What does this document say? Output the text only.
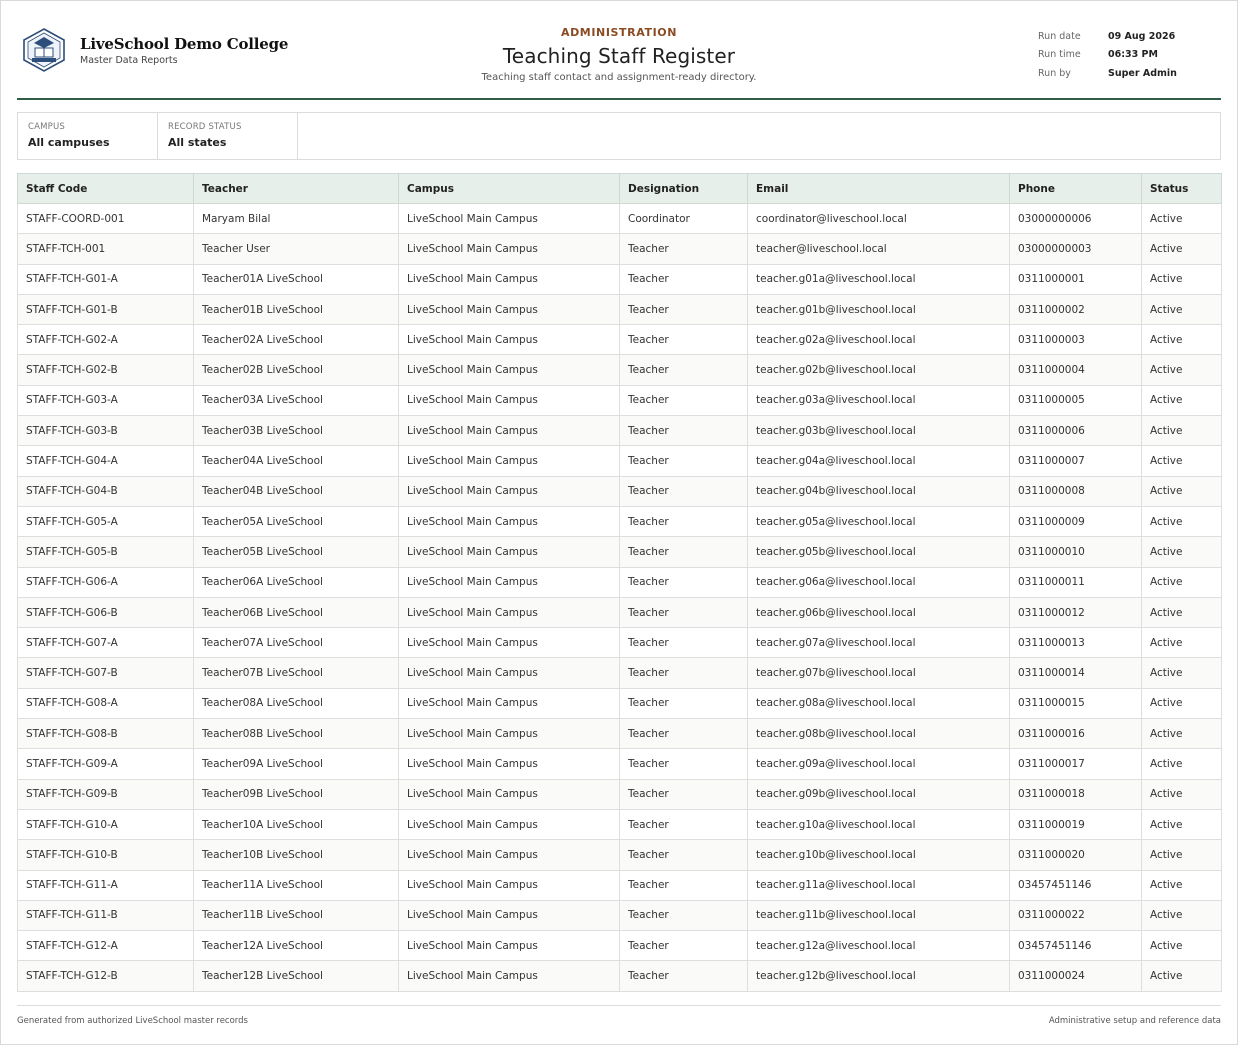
LiveSchool Demo College
Master Data Reports
ADMINISTRATION
Teaching Staff Register
Teaching staff contact and assignment-ready directory.
Run date	09 Aug 2026
Run time	06:33 PM
Run by	Super Admin
CAMPUS
All campuses
RECORD STATUS
All states
Staff Code	Teacher	Campus	Designation	Email	Phone	Status
STAFF-COORD-001	Maryam Bilal	LiveSchool Main Campus	Coordinator	coordinator@liveschool.local	03000000006	Active
STAFF-TCH-001	Teacher User	LiveSchool Main Campus	Teacher	teacher@liveschool.local	03000000003	Active
STAFF-TCH-G01-A	Teacher01A LiveSchool	LiveSchool Main Campus	Teacher	teacher.g01a@liveschool.local	0311000001	Active
STAFF-TCH-G01-B	Teacher01B LiveSchool	LiveSchool Main Campus	Teacher	teacher.g01b@liveschool.local	0311000002	Active
STAFF-TCH-G02-A	Teacher02A LiveSchool	LiveSchool Main Campus	Teacher	teacher.g02a@liveschool.local	0311000003	Active
STAFF-TCH-G02-B	Teacher02B LiveSchool	LiveSchool Main Campus	Teacher	teacher.g02b@liveschool.local	0311000004	Active
STAFF-TCH-G03-A	Teacher03A LiveSchool	LiveSchool Main Campus	Teacher	teacher.g03a@liveschool.local	0311000005	Active
STAFF-TCH-G03-B	Teacher03B LiveSchool	LiveSchool Main Campus	Teacher	teacher.g03b@liveschool.local	0311000006	Active
STAFF-TCH-G04-A	Teacher04A LiveSchool	LiveSchool Main Campus	Teacher	teacher.g04a@liveschool.local	0311000007	Active
STAFF-TCH-G04-B	Teacher04B LiveSchool	LiveSchool Main Campus	Teacher	teacher.g04b@liveschool.local	0311000008	Active
STAFF-TCH-G05-A	Teacher05A LiveSchool	LiveSchool Main Campus	Teacher	teacher.g05a@liveschool.local	0311000009	Active
STAFF-TCH-G05-B	Teacher05B LiveSchool	LiveSchool Main Campus	Teacher	teacher.g05b@liveschool.local	0311000010	Active
STAFF-TCH-G06-A	Teacher06A LiveSchool	LiveSchool Main Campus	Teacher	teacher.g06a@liveschool.local	0311000011	Active
STAFF-TCH-G06-B	Teacher06B LiveSchool	LiveSchool Main Campus	Teacher	teacher.g06b@liveschool.local	0311000012	Active
STAFF-TCH-G07-A	Teacher07A LiveSchool	LiveSchool Main Campus	Teacher	teacher.g07a@liveschool.local	0311000013	Active
STAFF-TCH-G07-B	Teacher07B LiveSchool	LiveSchool Main Campus	Teacher	teacher.g07b@liveschool.local	0311000014	Active
STAFF-TCH-G08-A	Teacher08A LiveSchool	LiveSchool Main Campus	Teacher	teacher.g08a@liveschool.local	0311000015	Active
STAFF-TCH-G08-B	Teacher08B LiveSchool	LiveSchool Main Campus	Teacher	teacher.g08b@liveschool.local	0311000016	Active
STAFF-TCH-G09-A	Teacher09A LiveSchool	LiveSchool Main Campus	Teacher	teacher.g09a@liveschool.local	0311000017	Active
STAFF-TCH-G09-B	Teacher09B LiveSchool	LiveSchool Main Campus	Teacher	teacher.g09b@liveschool.local	0311000018	Active
STAFF-TCH-G10-A	Teacher10A LiveSchool	LiveSchool Main Campus	Teacher	teacher.g10a@liveschool.local	0311000019	Active
STAFF-TCH-G10-B	Teacher10B LiveSchool	LiveSchool Main Campus	Teacher	teacher.g10b@liveschool.local	0311000020	Active
STAFF-TCH-G11-A	Teacher11A LiveSchool	LiveSchool Main Campus	Teacher	teacher.g11a@liveschool.local	03457451146	Active
STAFF-TCH-G11-B	Teacher11B LiveSchool	LiveSchool Main Campus	Teacher	teacher.g11b@liveschool.local	0311000022	Active
STAFF-TCH-G12-A	Teacher12A LiveSchool	LiveSchool Main Campus	Teacher	teacher.g12a@liveschool.local	03457451146	Active
STAFF-TCH-G12-B	Teacher12B LiveSchool	LiveSchool Main Campus	Teacher	teacher.g12b@liveschool.local	0311000024	Active
Generated from authorized LiveSchool master records	Administrative setup and reference data
